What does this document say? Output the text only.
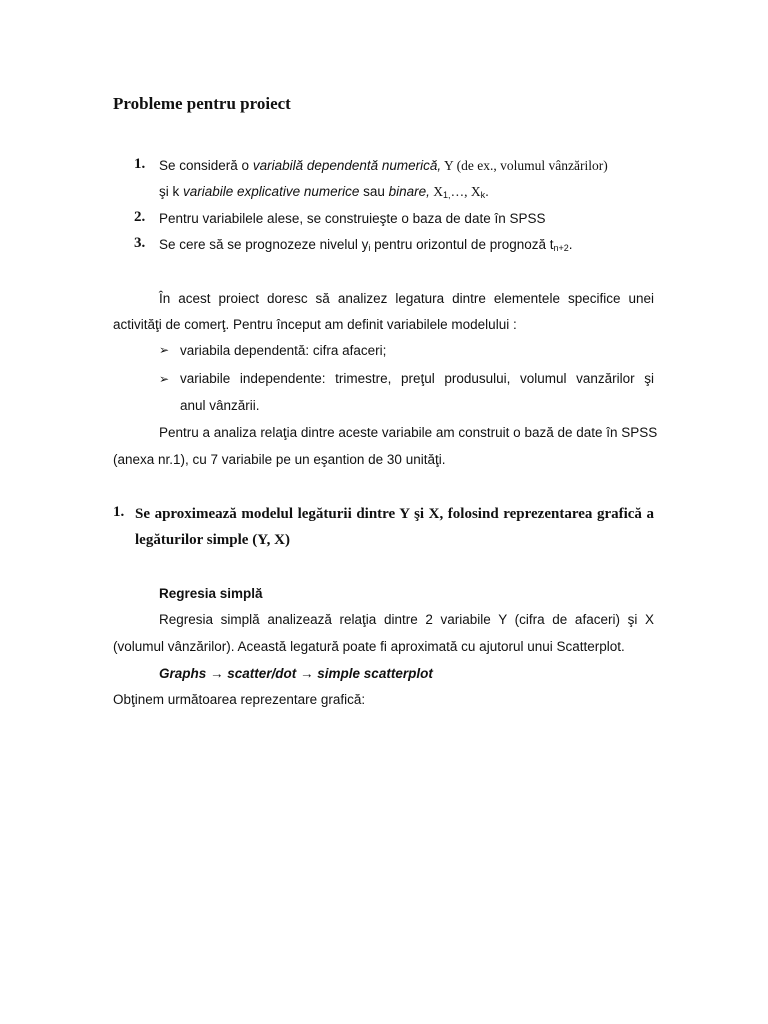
Probleme pentru proiect
1. Se consideră o variabilă dependentă numerică, Y (de ex., volumul vânzărilor)
şi k variabile explicative numerice sau binare, $X_{1,}\dots$, $X_k$.
2. Pentru variabilele alese, se construieşte o baza de date în SPSS
3. Se cere să se prognozeze nivelul $y_i$ pentru orizontul de prognoză $t_{n+2}$.
În acest proiect doresc să analizez legatura dintre elementele specifice unei
activităţi de comerţ. Pentru început am definit variabilele modelului :
➢ variabila dependentă: cifra afaceri;
➢ variabile independente: trimestre, preţul produsului, volumul vanzărilor şi
anul vânzării.
Pentru a analiza relaţia dintre aceste variabile am construit o bază de date în SPSS
(anexa nr.1), cu 7 variabile pe un eşantion de 30 unităţi.
1. Se aproximează modelul legăturii dintre Y şi X, folosind reprezentarea grafică a
legăturilor simple (Y, X)
Regresia simplă
Regresia simplă analizează relaţia dintre 2 variabile Y (cifra de afaceri) şi X
(volumul vânzărilor). Această legatură poate fi aproximată cu ajutorul unui Scatterplot.
Graphs → scatter/dot → simple scatterplot
Obţinem următoarea reprezentare grafică:
